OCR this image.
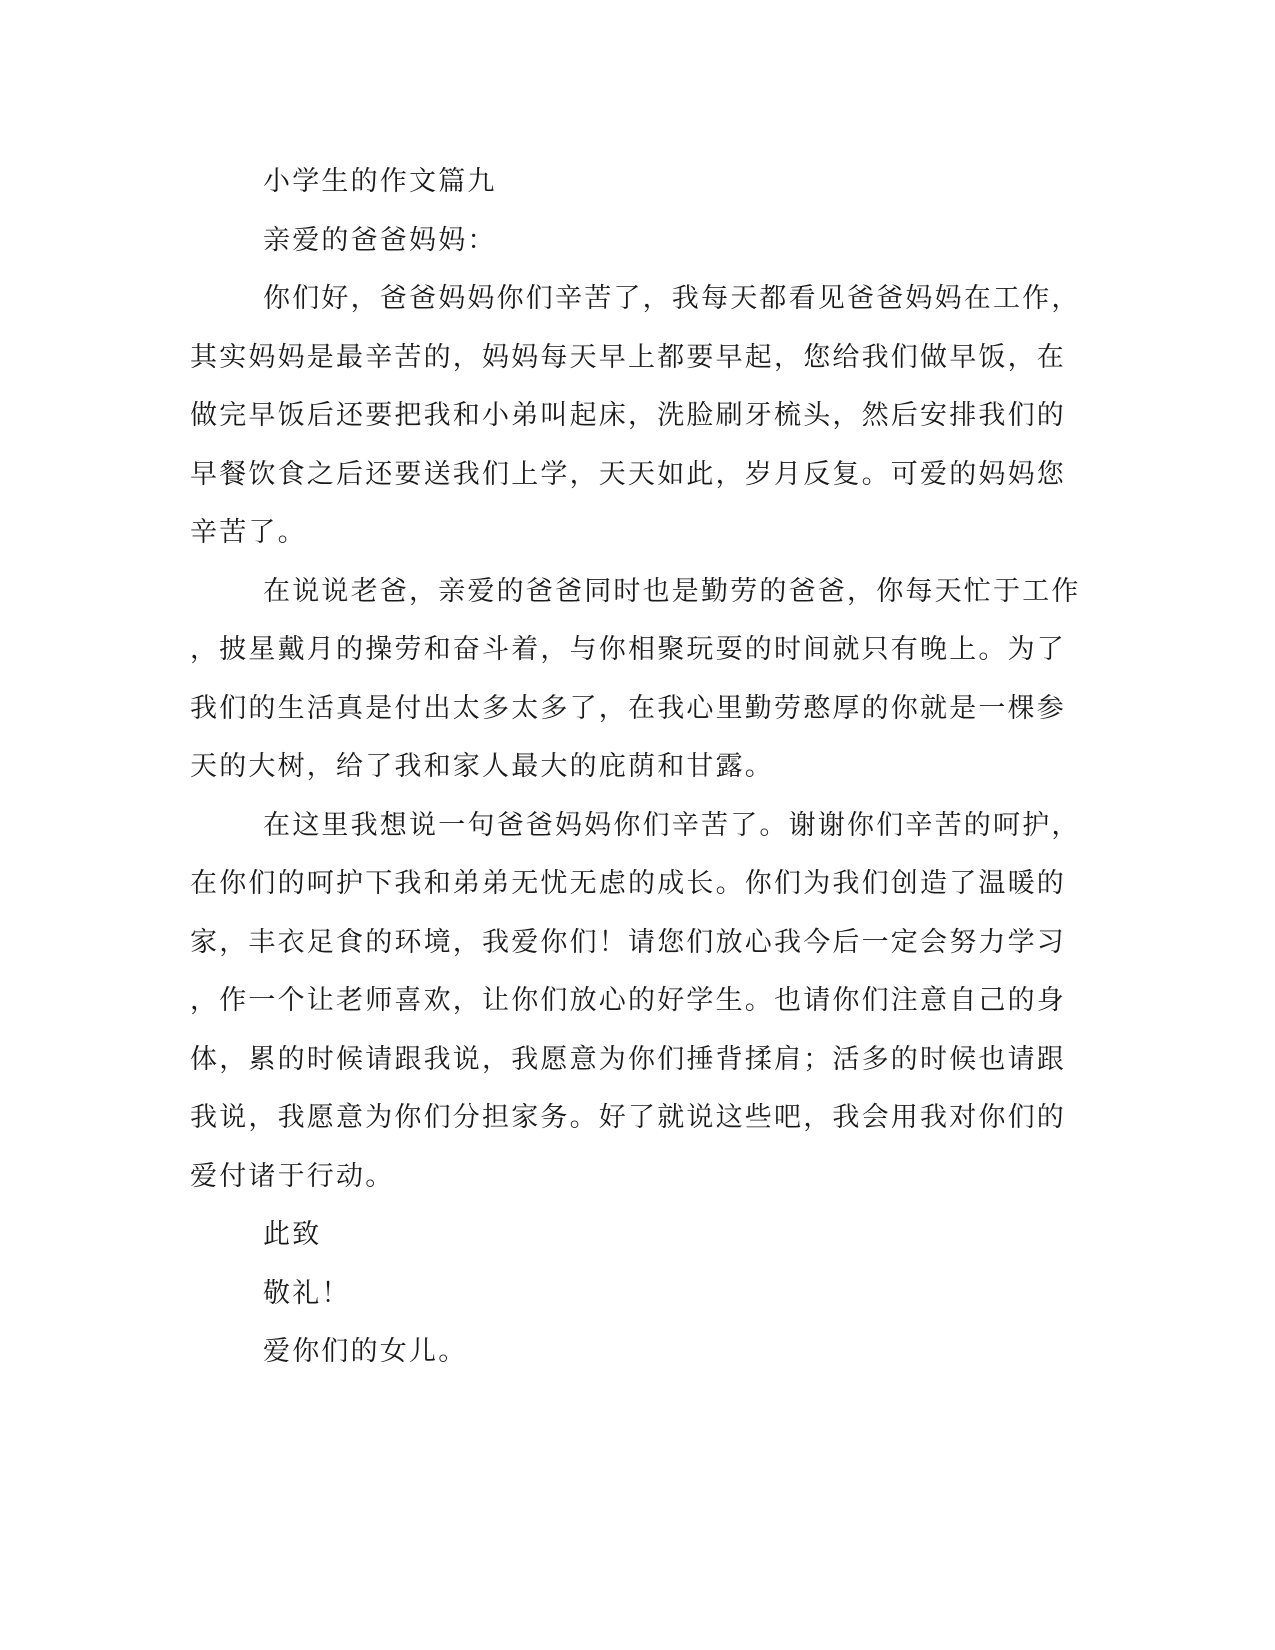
小学生的作文篇九
亲爱的爸爸妈妈：
你们好，爸爸妈妈你们辛苦了，我每天都看见爸爸妈妈在工作，
其实妈妈是最辛苦的，妈妈每天早上都要早起，您给我们做早饭，在
做完早饭后还要把我和小弟叫起床，洗脸刷牙梳头，然后安排我们的
早餐饮食之后还要送我们上学，天天如此，岁月反复。可爱的妈妈您
辛苦了。
在说说老爸，亲爱的爸爸同时也是勤劳的爸爸，你每天忙于工作
，披星戴月的操劳和奋斗着，与你相聚玩耍的时间就只有晚上。为了
我们的生活真是付出太多太多了，在我心里勤劳憨厚的你就是一棵参
天的大树，给了我和家人最大的庇荫和甘露。
在这里我想说一句爸爸妈妈你们辛苦了。谢谢你们辛苦的呵护，
在你们的呵护下我和弟弟无忧无虑的成长。你们为我们创造了温暖的
家，丰衣足食的环境，我爱你们！请您们放心我今后一定会努力学习
，作一个让老师喜欢，让你们放心的好学生。也请你们注意自己的身
体，累的时候请跟我说，我愿意为你们捶背揉肩；活多的时候也请跟
我说，我愿意为你们分担家务。好了就说这些吧，我会用我对你们的
爱付诸于行动。
此致
敬礼！
爱你们的女儿。
